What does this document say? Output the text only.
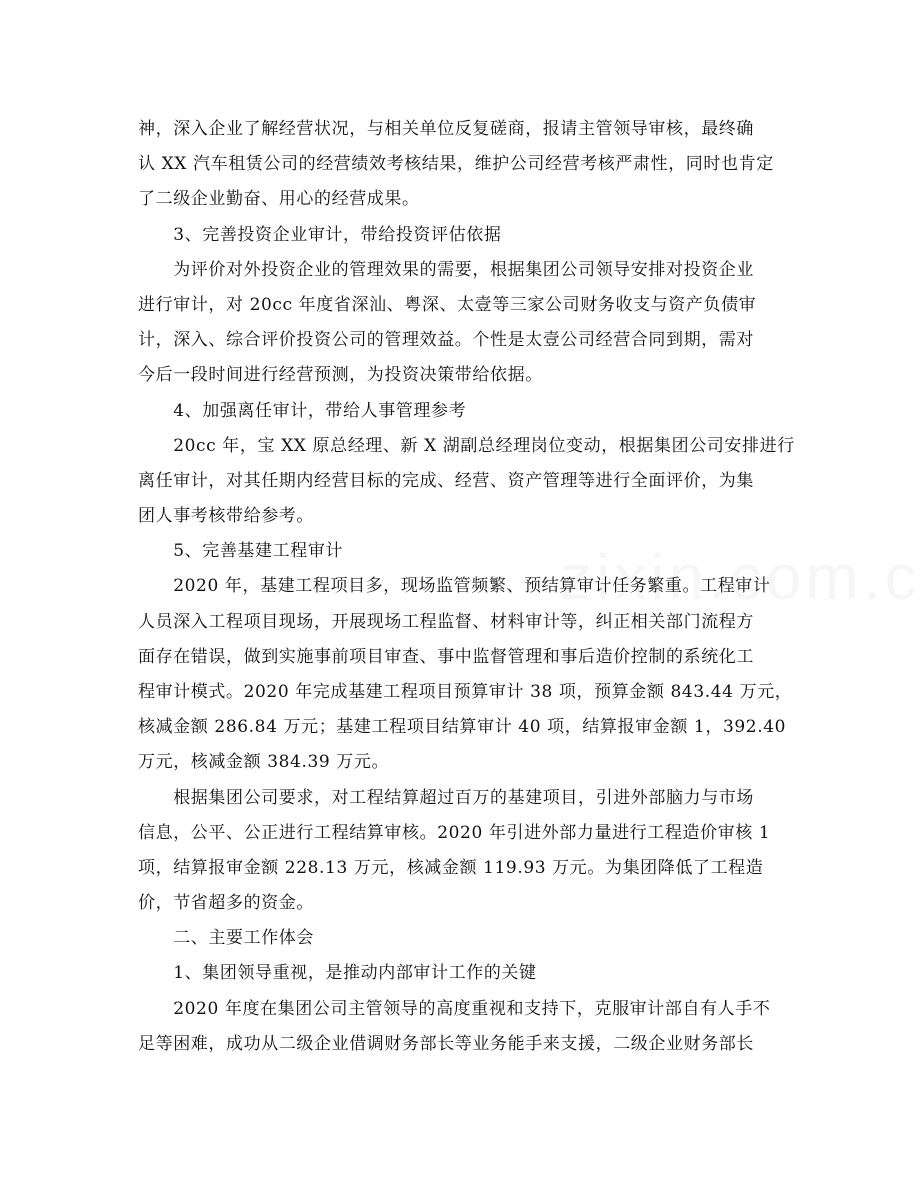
神，深入企业了解经营状况，与相关单位反复磋商，报请主管领导审核，最终确
认 XX 汽车租赁公司的经营绩效考核结果，维护公司经营考核严肃性，同时也肯定
了二级企业勤奋、用心的经营成果。
　　3、完善投资企业审计，带给投资评估依据
　　为评价对外投资企业的管理效果的需要，根据集团公司领导安排对投资企业
进行审计，对 20cc 年度省深汕、粤深、太壹等三家公司财务收支与资产负债审
计，深入、综合评价投资公司的管理效益。个性是太壹公司经营合同到期，需对
今后一段时间进行经营预测，为投资决策带给依据。
　　4、加强离任审计，带给人事管理参考
　　20cc 年，宝 XX 原总经理、新 X 湖副总经理岗位变动，根据集团公司安排进行
离任审计，对其任期内经营目标的完成、经营、资产管理等进行全面评价，为集
团人事考核带给参考。
　　5、完善基建工程审计
　　2020 年，基建工程项目多，现场监管频繁、预结算审计任务繁重。工程审计
人员深入工程项目现场，开展现场工程监督、材料审计等，纠正相关部门流程方
面存在错误，做到实施事前项目审查、事中监督管理和事后造价控制的系统化工
程审计模式。2020 年完成基建工程项目预算审计 38 项，预算金额 843.44 万元，
核减金额 286.84 万元；基建工程项目结算审计 40 项，结算报审金额 1，392.40
万元，核减金额 384.39 万元。
　　根据集团公司要求，对工程结算超过百万的基建项目，引进外部脑力与市场
信息，公平、公正进行工程结算审核。2020 年引进外部力量进行工程造价审核 1
项，结算报审金额 228.13 万元，核减金额 119.93 万元。为集团降低了工程造
价，节省超多的资金。
　　二、主要工作体会
　　1、集团领导重视，是推动内部审计工作的关键
　　2020 年度在集团公司主管领导的高度重视和支持下，克服审计部自有人手不
足等困难，成功从二级企业借调财务部长等业务能手来支援，二级企业财务部长
